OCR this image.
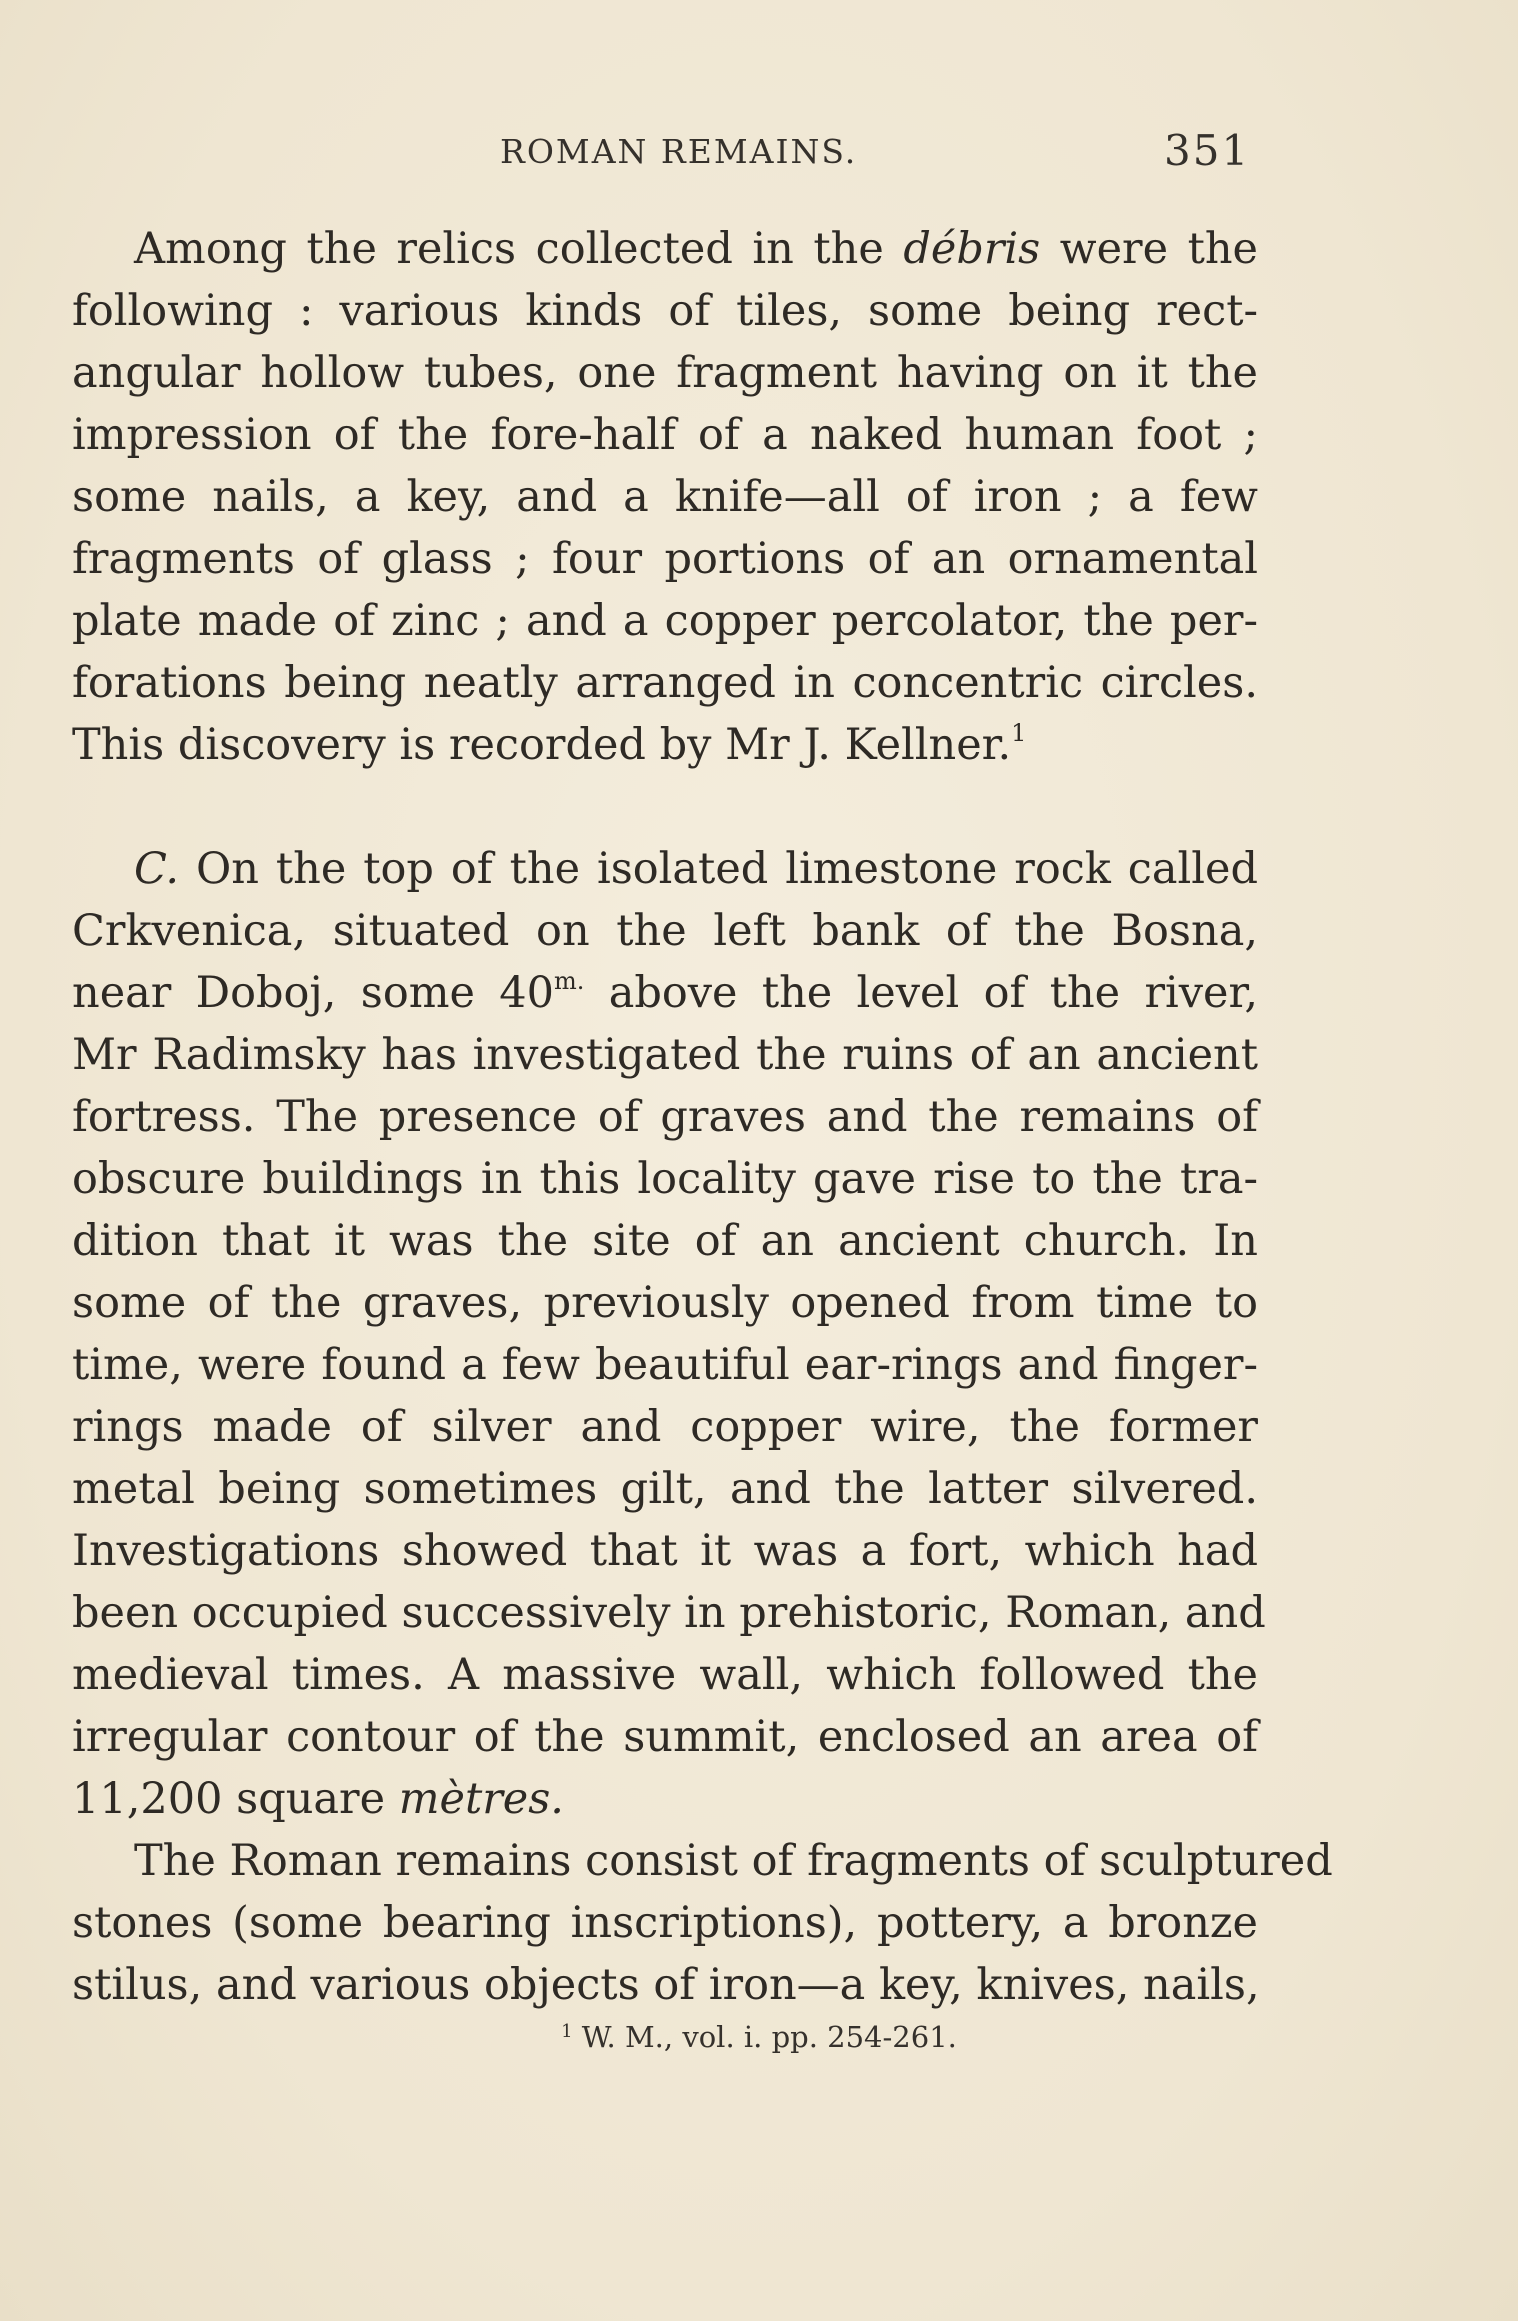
ROMAN REMAINS.	351
Among the relics collected in the débris were the
following : various kinds of tiles, some being rect-
angular hollow tubes, one fragment having on it the
impression of the fore-half of a naked human foot ;
some nails, a key, and a knife—all of iron ; a few
fragments of glass ; four portions of an ornamental
plate made of zinc ; and a copper percolator, the per-
forations being neatly arranged in concentric circles.
This discovery is recorded by Mr J. Kellner.$^1$
C. On the top of the isolated limestone rock called
Crkvenica, situated on the left bank of the Bosna,
near Doboj, some $40^{m.}$ above the level of the river,
Mr Radimsky has investigated the ruins of an ancient
fortress. The presence of graves and the remains of
obscure buildings in this locality gave rise to the tra-
dition that it was the site of an ancient church. In
some of the graves, previously opened from time to
time, were found a few beautiful ear-rings and finger-
rings made of silver and copper wire, the former
metal being sometimes gilt, and the latter silvered.
Investigations showed that it was a fort, which had
been occupied successively in prehistoric, Roman, and
medieval times. A massive wall, which followed the
irregular contour of the summit, enclosed an area of
11,200 square mètres.
The Roman remains consist of fragments of sculptured
stones (some bearing inscriptions), pottery, a bronze
stilus, and various objects of iron—a key, knives, nails,
$^1$ W. M., vol. i. pp. 254-261.
